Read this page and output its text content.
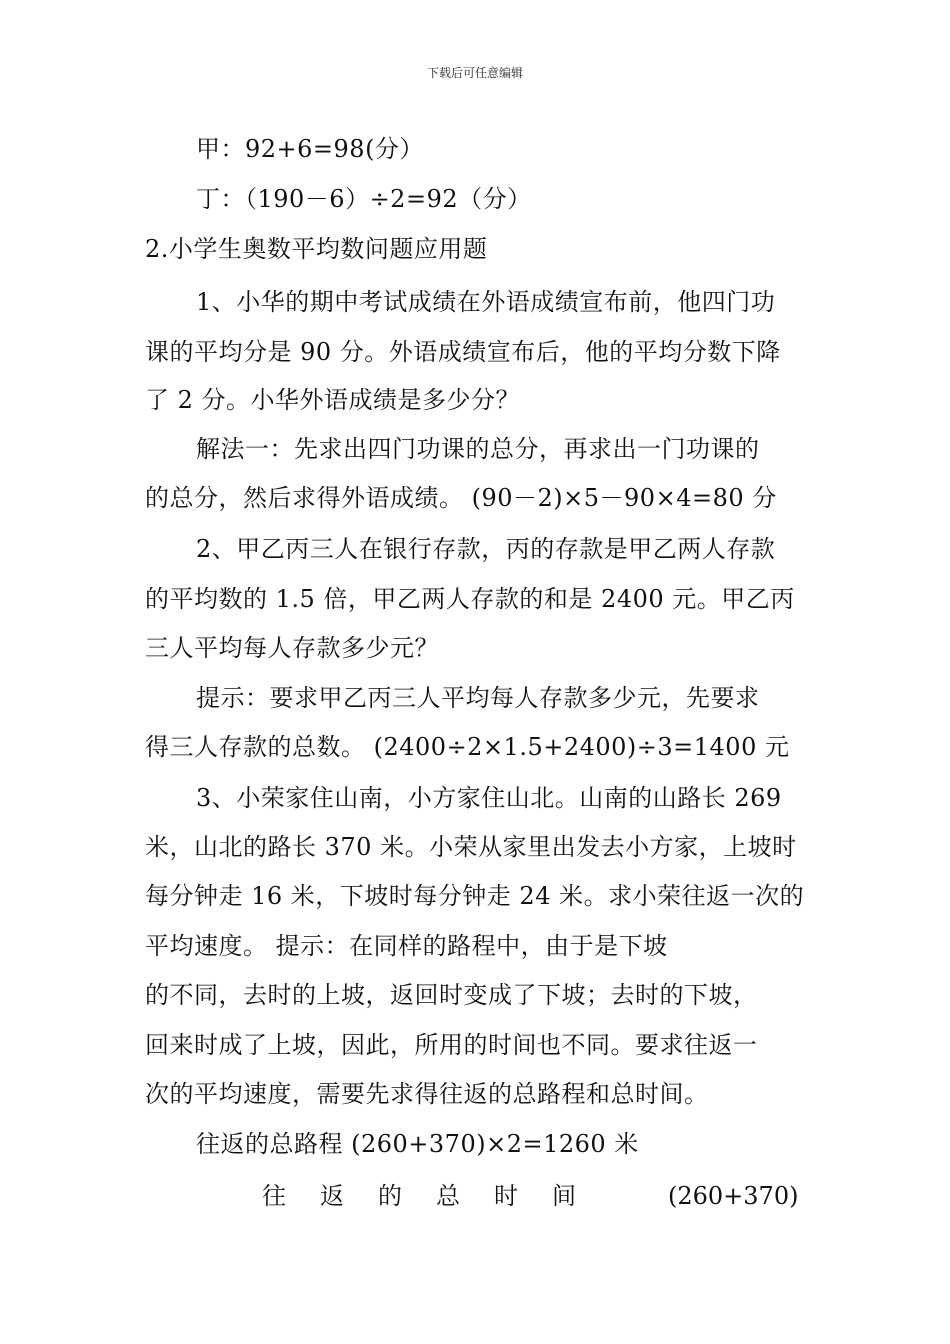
下载后可任意编辑
甲：92+6=98(分）
丁：（190－6）÷2=92（分）
2.小学生奥数平均数问题应用题
1、小华的期中考试成绩在外语成绩宣布前，他四门功
课的平均分是 90 分。外语成绩宣布后，他的平均分数下降
了 2 分。小华外语成绩是多少分？
解法一：先求出四门功课的总分，再求出一门功课的
的总分，然后求得外语成绩。 (90－2)×5－90×4=80 分
2、甲乙丙三人在银行存款，丙的存款是甲乙两人存款
的平均数的 1.5 倍，甲乙两人存款的和是 2400 元。甲乙丙
三人平均每人存款多少元？
提示：要求甲乙丙三人平均每人存款多少元，先要求
得三人存款的总数。 (2400÷2×1.5+2400)÷3=1400 元
3、小荣家住山南，小方家住山北。山南的山路长 269
米，山北的路长 370 米。小荣从家里出发去小方家，上坡时
每分钟走 16 米，下坡时每分钟走 24 米。求小荣往返一次的
平均速度。 提示：在同样的路程中，由于是下坡
的不同，去时的上坡，返回时变成了下坡；去时的下坡，
回来时成了上坡，因此，所用的时间也不同。要求往返一
次的平均速度，需要先求得往返的总路程和总时间。
往返的总路程 (260+370)×2=1260 米
往	返	的	总	时	间	(260+370)
